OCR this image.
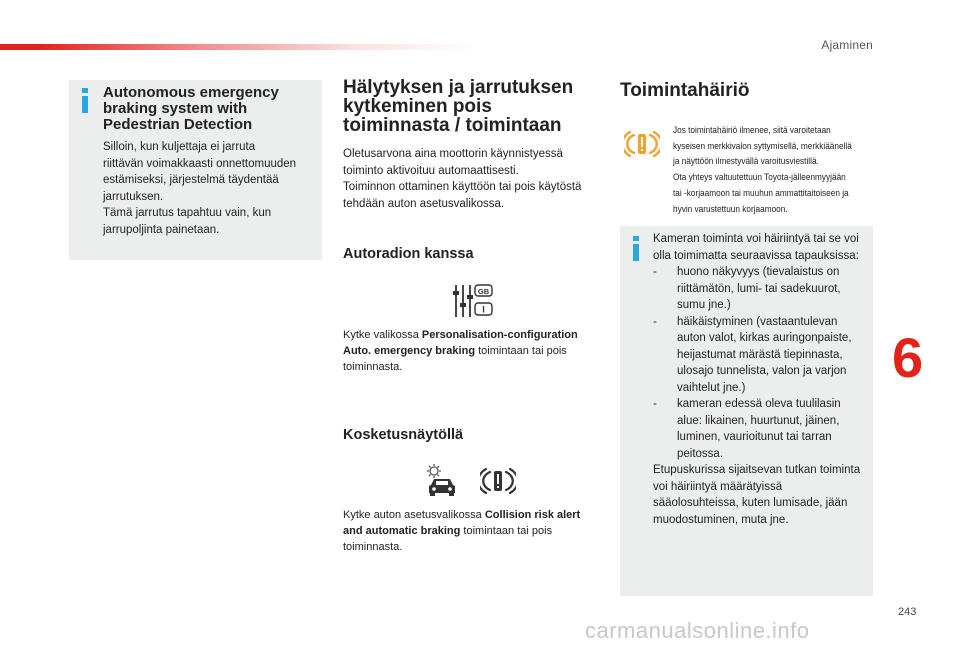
Ajaminen
6
Autonomous emergency braking system with Pedestrian Detection
Silloin, kun kuljettaja ei jarruta
riittävän voimakkaasti onnettomuuden
estämiseksi, järjestelmä täydentää
jarrutuksen.
Tämä jarrutus tapahtuu vain, kun
jarrupoljinta painetaan.
Hälytyksen ja jarrutuksen kytkeminen pois toiminnasta / toimintaan
Oletusarvona aina moottorin käynnistyessä
toiminto aktivoituu automaattisesti.
Toiminnon ottaminen käyttöön tai pois käytöstä
tehdään auton asetusvalikossa.
Autoradion kanssa
GB
I
Kytke valikossa Personalisation-configuration Auto. emergency braking toimintaan tai pois toiminnasta.
Kosketusnäytöllä
Kytke auton asetusvalikossa Collision risk alert and automatic braking toimintaan tai pois toiminnasta.
Toimintahäiriö
Jos toimintahäiriö ilmenee, siitä varoitetaan
kyseisen merkkivalon syttymisellä, merkkiäänellä
ja näyttöön ilmestyvällä varoitusviestillä.
Ota yhteys valtuutettuun Toyota-jälleenmyyjään
tai -korjaamoon tai muuhun ammattitaitoiseen ja
hyvin varustettuun korjaamoon.
Kameran toiminta voi häiriintyä tai se voi olla toimimatta seuraavissa tapauksissa:
-	huono näkyvyys (tievalaistus on riittämätön, lumi- tai sadekuurot, sumu jne.)
-	häikäistyminen (vastaantulevan auton valot, kirkas auringonpaiste, heijastumat märästä tiepinnasta, ulosajo tunnelista, valon ja varjon vaihtelut jne.)
-	kameran edessä oleva tuulilasin alue: likainen, huurtunut, jäinen, luminen, vaurioitunut tai tarran peitossa.
Etupuskurissa sijaitsevan tutkan toiminta voi häiriintyä määrätyissä sääolosuhteissa, kuten lumisade, jään muodostuminen, muta jne.
243
carmanualsonline.info
